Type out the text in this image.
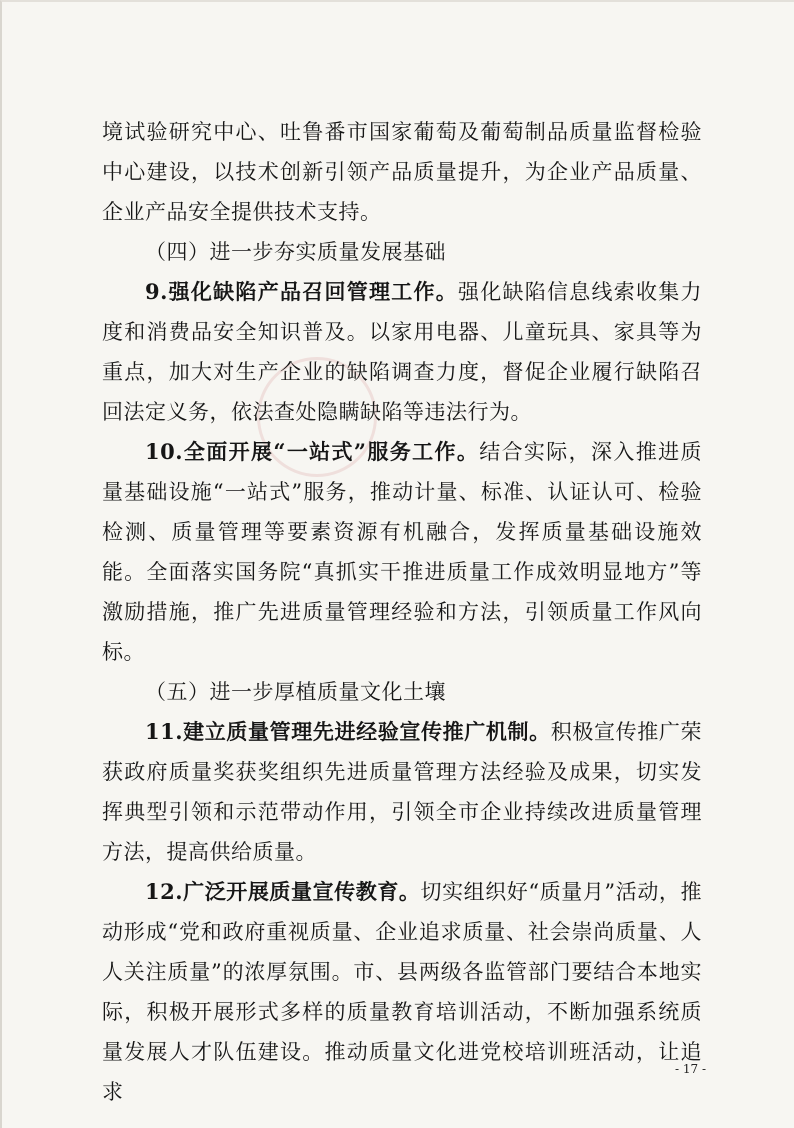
境试验研究中心、吐鲁番市国家葡萄及葡萄制品质量监督检验中心建设，以技术创新引领产品质量提升，为企业产品质量、企业产品安全提供技术支持。

（四）进一步夯实质量发展基础

9.强化缺陷产品召回管理工作。强化缺陷信息线索收集力度和消费品安全知识普及。以家用电器、儿童玩具、家具等为重点，加大对生产企业的缺陷调查力度，督促企业履行缺陷召回法定义务，依法查处隐瞒缺陷等违法行为。

10.全面开展“一站式”服务工作。结合实际，深入推进质量基础设施“一站式”服务，推动计量、标准、认证认可、检验检测、质量管理等要素资源有机融合，发挥质量基础设施效能。全面落实国务院“真抓实干推进质量工作成效明显地方”等激励措施，推广先进质量管理经验和方法，引领质量工作风向标。

（五）进一步厚植质量文化土壤

11.建立质量管理先进经验宣传推广机制。积极宣传推广荣获政府质量奖获奖组织先进质量管理方法经验及成果，切实发挥典型引领和示范带动作用，引领全市企业持续改进质量管理方法，提高供给质量。

12.广泛开展质量宣传教育。切实组织好“质量月”活动，推动形成“党和政府重视质量、企业追求质量、社会崇尚质量、人人关注质量”的浓厚氛围。市、县两级各监管部门要结合本地实际，积极开展形式多样的质量教育培训活动，不断加强系统质量发展人才队伍建设。推动质量文化进党校培训班活动，让追求

- 17 -
